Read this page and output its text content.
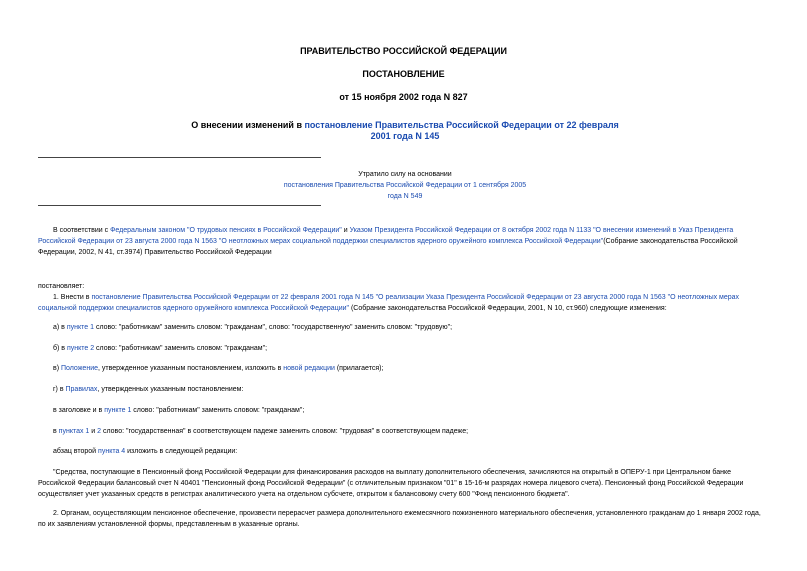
ПРАВИТЕЛЬСТВО РОССИЙСКОЙ ФЕДЕРАЦИИ
ПОСТАНОВЛЕНИЕ
от 15 ноября 2002 года N 827
О внесении изменений в постановление Правительства Российской Федерации от 22 февраля 2001 года N 145
Утратило силу на основании
постановления Правительства Российской Федерации от 1 сентября 2005 года N 549
В соответствии с Федеральным законом "О трудовых пенсиях в Российской Федерации" и Указом Президента Российской Федерации от 8 октября 2002 года N 1133 "О внесении изменений в Указ Президента Российской Федерации от 23 августа 2000 года N 1563 "О неотложных мерах социальной поддержки специалистов ядерного оружейного комплекса Российской Федерации"(Собрание законодательства Российской Федерации, 2002, N 41, ст.3974) Правительство Российской Федерации
постановляет:
1. Внести в постановление Правительства Российской Федерации от 22 февраля 2001 года N 145 "О реализации Указа Президента Российской Федерации от 23 августа 2000 года N 1563 "О неотложных мерах социальной поддержки специалистов ядерного оружейного комплекса Российской Федерации" (Собрание законодательства Российской Федерации, 2001, N 10, ст.960) следующие изменения:
а) в пункте 1 слово: "работникам" заменить словом: "гражданам", слово: "государственную" заменить словом: "трудовую";
б) в пункте 2 слово: "работникам" заменить словом: "гражданам";
в) Положение, утвержденное указанным постановлением, изложить в новой редакции (прилагается);
г) в Правилах, утвержденных указанным постановлением:
в заголовке и в пункте 1 слово: "работникам" заменить словом: "гражданам";
в пунктах 1 и 2 слово: "государственная" в соответствующем падеже заменить словом: "трудовая" в соответствующем падеже;
абзац второй пункта 4 изложить в следующей редакции:
"Средства, поступающие в Пенсионный фонд Российской Федерации для финансирования расходов на выплату дополнительного обеспечения, зачисляются на открытый в ОПЕРУ-1 при Центральном банке Российской Федерации балансовый счет N 40401 "Пенсионный фонд Российской Федерации" (с отличительным признаком "01" в 15-16-м разрядах номера лицевого счета). Пенсионный фонд Российской Федерации осуществляет учет указанных средств в регистрах аналитического учета на отдельном субсчете, открытом к балансовому счету 600 "Фонд пенсионного бюджета".
2. Органам, осуществляющим пенсионное обеспечение, произвести перерасчет размера дополнительного ежемесячного пожизненного материального обеспечения, установленного гражданам до 1 января 2002 года, по их заявлениям установленной формы, представленным в указанные органы.
